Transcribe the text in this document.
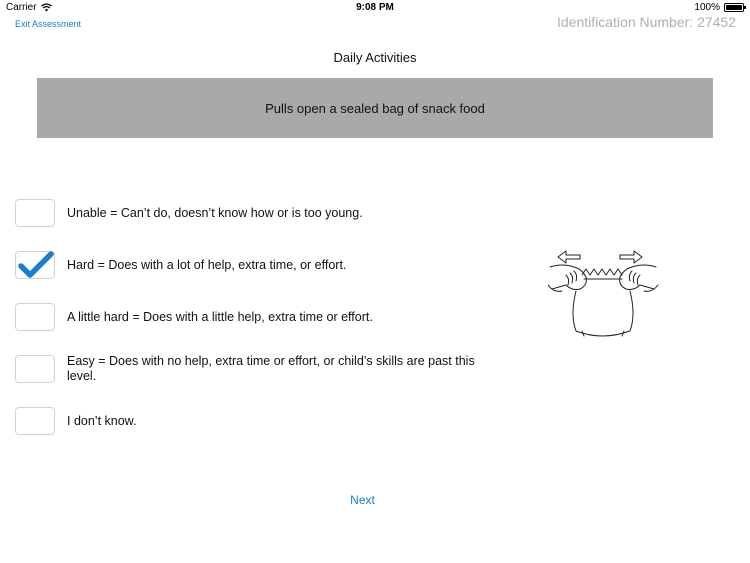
Carrier	9:08 PM	100%
Exit Assessment	Identification Number: 27452
Daily Activities
Pulls open a sealed bag of snack food
Unable = Can’t do, doesn’t know how or is too young.
Hard = Does with a lot of help, extra time, or effort.
A little hard = Does with a little help, extra time or effort.
Easy = Does with no help, extra time or effort, or child’s skills are past this level.
I don’t know.
Next
